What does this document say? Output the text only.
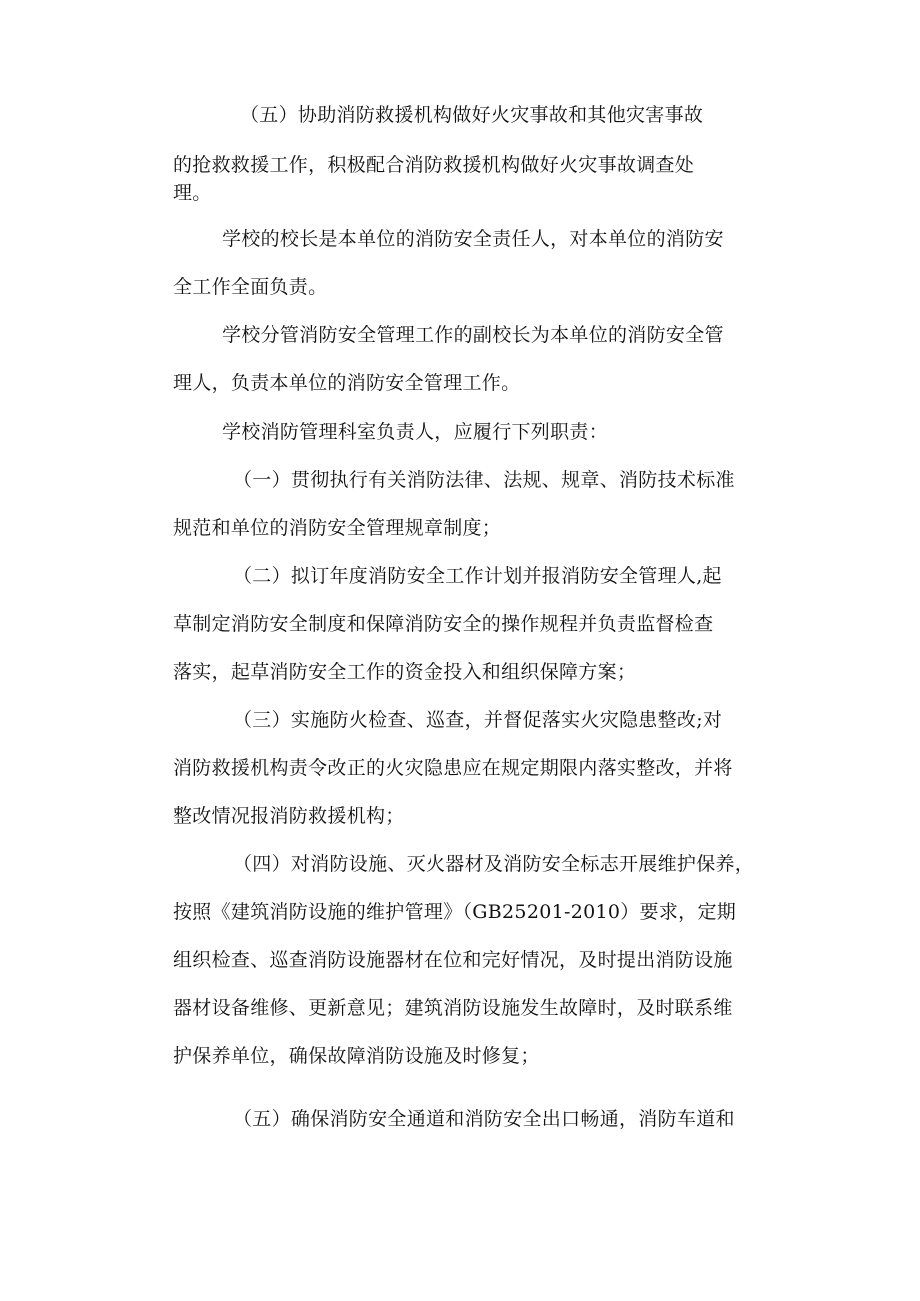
（五）协助消防救援机构做好火灾事故和其他灾害事故
的抢救救援工作，积极配合消防救援机构做好火灾事故调查处
理。
学校的校长是本单位的消防安全责任人，对本单位的消防安
全工作全面负责。
学校分管消防安全管理工作的副校长为本单位的消防安全管
理人，负责本单位的消防安全管理工作。
学校消防管理科室负责人，应履行下列职责：
（一）贯彻执行有关消防法律、法规、规章、消防技术标准
规范和单位的消防安全管理规章制度；
（二）拟订年度消防安全工作计划并报消防安全管理人,起
草制定消防安全制度和保障消防安全的操作规程并负责监督检查
落实，起草消防安全工作的资金投入和组织保障方案；
（三）实施防火检查、巡查，并督促落实火灾隐患整改;对
消防救援机构责令改正的火灾隐患应在规定期限内落实整改，并将
整改情况报消防救援机构；
（四）对消防设施、灭火器材及消防安全标志开展维护保养，
按照《建筑消防设施的维护管理》（GB25201-2010）要求，定期
组织检查、巡查消防设施器材在位和完好情况，及时提出消防设施
器材设备维修、更新意见；建筑消防设施发生故障时，及时联系维
护保养单位，确保故障消防设施及时修复；
（五）确保消防安全通道和消防安全出口畅通，消防车道和
